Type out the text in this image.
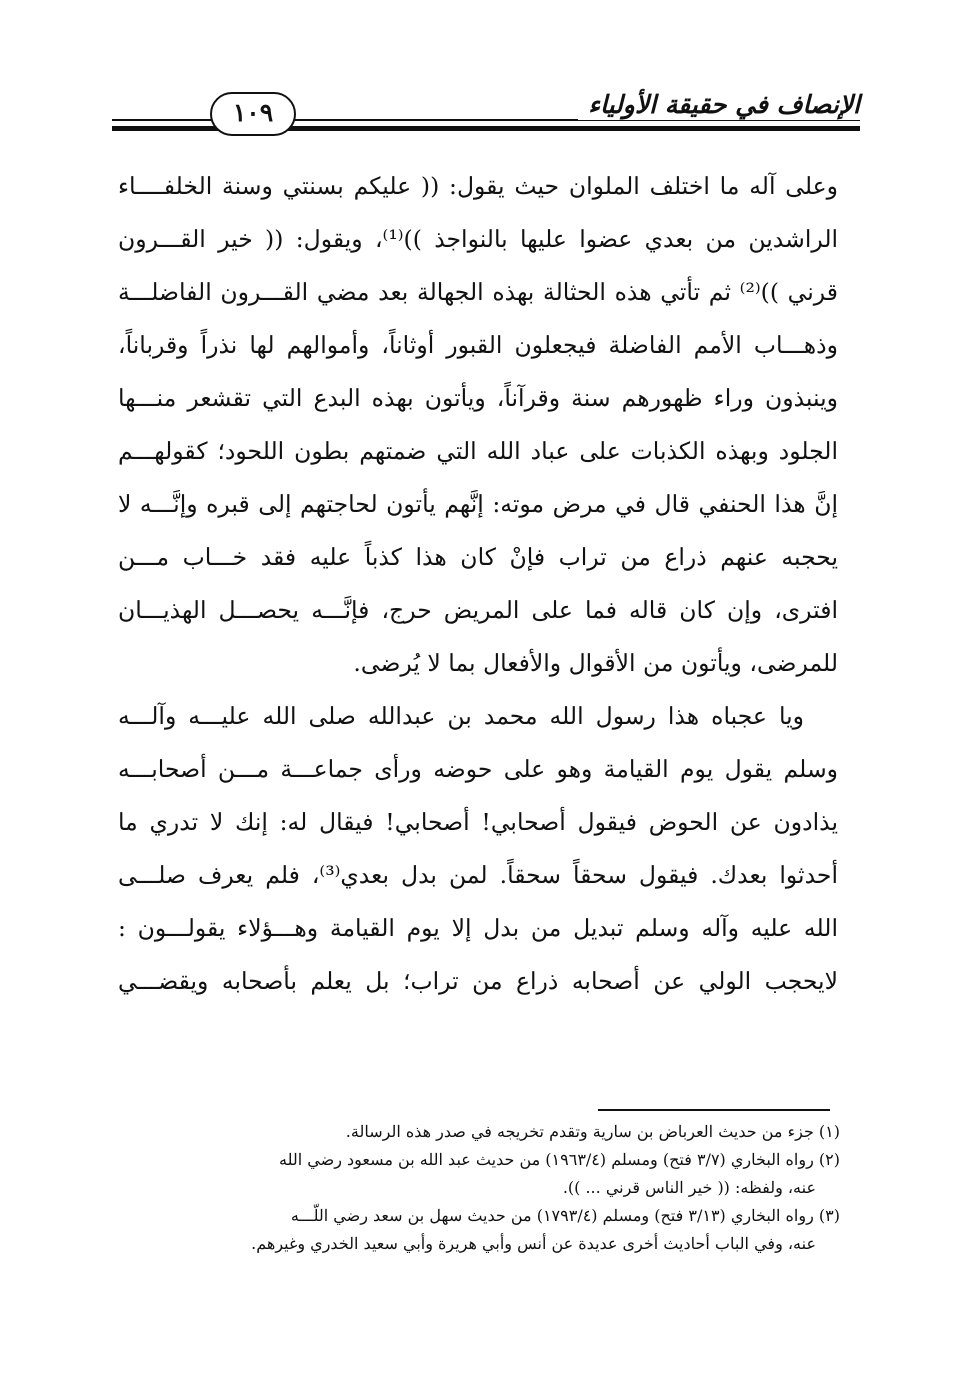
الإنصاف في حقيقة الأولياء
١٠٩
وعلى آله ما اختلف الملوان حيث يقول: (( عليكم بسنتي وسنة الخلفــــاء
الراشدين من بعدي عضوا عليها بالنواجذ ))⁽¹⁾، ويقول: (( خير القـــرون
قرني ))⁽²⁾ ثم تأتي هذه الحثالة بهذه الجهالة بعد مضي القـــرون الفاضلـــة
وذهـــاب الأمم الفاضلة فيجعلون القبور أوثاناً، وأموالهم لها نذراً وقرباناً،
وينبذون وراء ظهورهم سنة وقرآناً، ويأتون بهذه البدع التي تقشعر منـــها
الجلود وبهذه الكذبات على عباد الله التي ضمتهم بطون اللحود؛ كقولهـــم
إنَّ هذا الحنفي قال في مرض موته: إنَّهم يأتون لحاجتهم إلى قبره وإنَّـــه لا
يحجبه عنهم ذراع من تراب فإنْ كان هذا كذباً عليه فقد خـــاب مـــن
افترى، وإن كان قاله فما على المريض حرج، فإنَّـــه يحصـــل الهذيـــان
للمرضى، ويأتون من الأقوال والأفعال بما لا يُرضى.
ويا عجباه هذا رسول الله محمد بن عبدالله صلى الله عليـــه وآلـــه
وسلم يقول يوم القيامة وهو على حوضه ورأى جماعـــة مـــن أصحابـــه
يذادون عن الحوض فيقول أصحابي! أصحابي! فيقال له: إنك لا تدري ما
أحدثوا بعدك. فيقول سحقاً سحقاً. لمن بدل بعدي⁽³⁾، فلم يعرف صلـــى
الله عليه وآله وسلم تبديل من بدل إلا يوم القيامة وهـــؤلاء يقولـــون :
لايحجب الولي عن أصحابه ذراع من تراب؛ بل يعلم بأصحابه ويقضـــي
(١) جزء من حديث العرباض بن سارية وتقدم تخريجه في صدر هذه الرسالة.
(٢) رواه البخاري (٣/٧ فتح) ومسلم (١٩٦٣/٤) من حديث عبد الله بن مسعود رضي الله
عنه، ولفظه: (( خير الناس قرني ... )).
(٣) رواه البخاري (٣/١٣ فتح) ومسلم (١٧٩٣/٤) من حديث سهل بن سعد رضي اللّـــه
عنه، وفي الباب أحاديث أخرى عديدة عن أنس وأبي هريرة وأبي سعيد الخدري وغيرهم.
